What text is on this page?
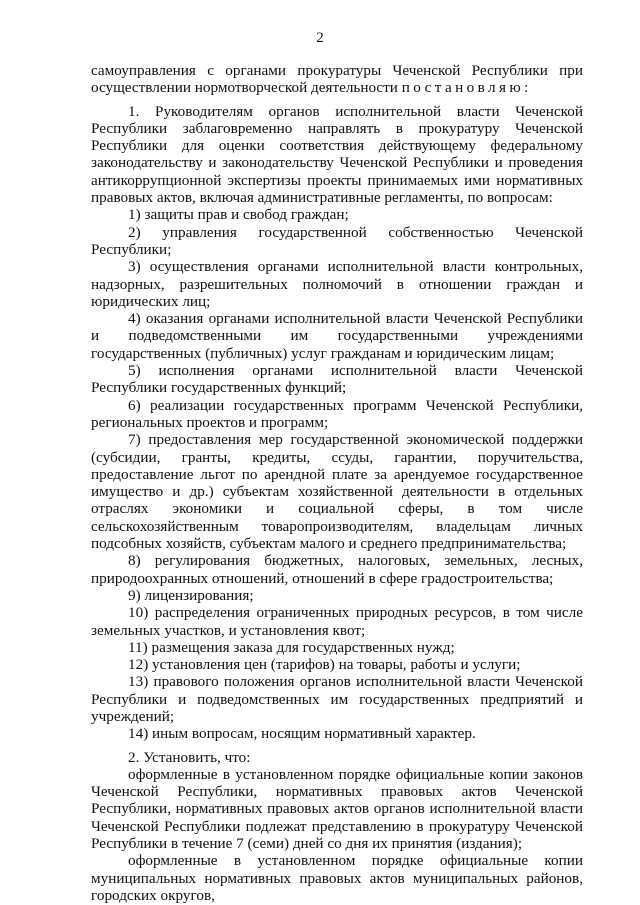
2

самоуправления с органами прокуратуры Чеченской Республики при осуществлении нормотворческой деятельности постановляю:

1. Руководителям органов исполнительной власти Чеченской Республики заблаговременно направлять в прокуратуру Чеченской Республики для оценки соответствия действующему федеральному законодательству и законодательству Чеченской Республики и проведения антикоррупционной экспертизы проекты принимаемых ими нормативных правовых актов, включая административные регламенты, по вопросам:

1) защиты прав и свобод граждан;

2) управления государственной собственностью Чеченской Республики;

3) осуществления органами исполнительной власти контрольных, надзорных, разрешительных полномочий в отношении граждан и юридических лиц;

4) оказания органами исполнительной власти Чеченской Республики и подведомственными им государственными учреждениями государственных (публичных) услуг гражданам и юридическим лицам;

5) исполнения органами исполнительной власти Чеченской Республики государственных функций;

6) реализации государственных программ Чеченской Республики, региональных проектов и программ;

7) предоставления мер государственной экономической поддержки (субсидии, гранты, кредиты, ссуды, гарантии, поручительства, предоставление льгот по арендной плате за арендуемое государственное имущество и др.) субъектам хозяйственной деятельности в отдельных отраслях экономики и социальной сферы, в том числе сельскохозяйственным товаропроизводителям, владельцам личных подсобных хозяйств, субъектам малого и среднего предпринимательства;

8) регулирования бюджетных, налоговых, земельных, лесных, природоохранных отношений, отношений в сфере градостроительства;

9) лицензирования;

10) распределения ограниченных природных ресурсов, в том числе земельных участков, и установления квот;

11) размещения заказа для государственных нужд;

12) установления цен (тарифов) на товары, работы и услуги;

13) правового положения органов исполнительной власти Чеченской Республики и подведомственных им государственных предприятий и учреждений;

14) иным вопросам, носящим нормативный характер.

2. Установить, что:

оформленные в установленном порядке официальные копии законов Чеченской Республики, нормативных правовых актов Чеченской Республики, нормативных правовых актов органов исполнительной власти Чеченской Республики подлежат представлению в прокуратуру Чеченской Республики в течение 7 (семи) дней со дня их принятия (издания);

оформленные в установленном порядке официальные копии муниципальных нормативных правовых актов муниципальных районов, городских округов,
